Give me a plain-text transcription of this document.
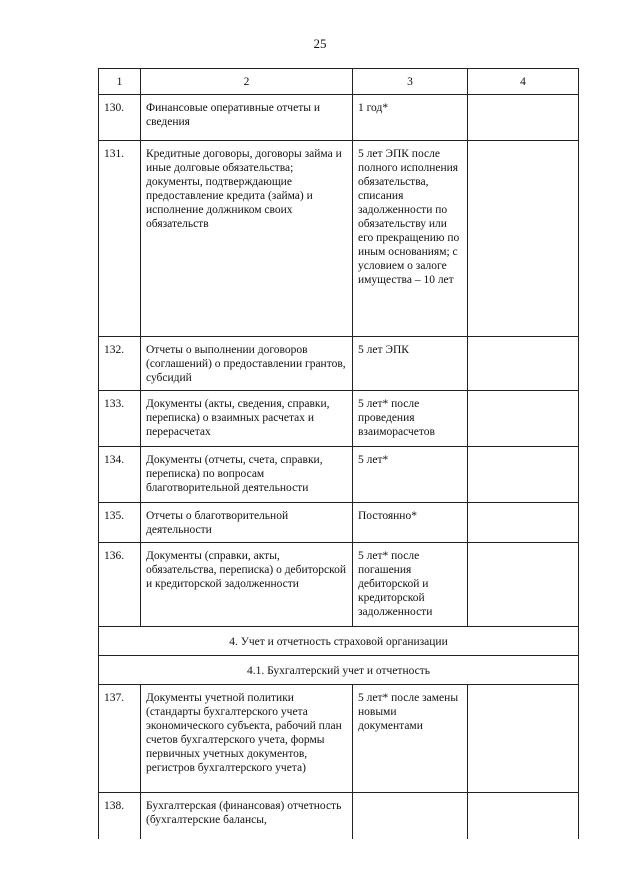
25
1	2	3	4
130.	Финансовые оперативные отчеты и сведения	1 год*	
131.	Кредитные договоры, договоры займа и иные долговые обязательства; документы, подтверждающие предоставление кредита (займа) и исполнение должником своих обязательств	5 лет ЭПК после полного исполнения обязательства, списания задолженности по обязательству или его прекращению по иным основаниям; с условием о залоге имущества – 10 лет	
132.	Отчеты о выполнении договоров (соглашений) о предоставлении грантов, субсидий	5 лет ЭПК	
133.	Документы (акты, сведения, справки, переписка) о взаимных расчетах и перерасчетах	5 лет* после проведения взаиморасчетов	
134.	Документы (отчеты, счета, справки, переписка) по вопросам благотворительной деятельности	5 лет*	
135.	Отчеты о благотворительной деятельности	Постоянно*	
136.	Документы (справки, акты, обязательства, переписка) о дебиторской и кредиторской задолженности	5 лет* после погашения дебиторской и кредиторской задолженности	
4. Учет и отчетность страховой организации			
4.1. Бухгалтерский учет и отчетность			
137.	Документы учетной политики (стандарты бухгалтерского учета экономического субъекта, рабочий план счетов бухгалтерского учета, формы первичных учетных документов, регистров бухгалтерского учета)	5 лет* после замены новыми документами	
138.	Бухгалтерская (финансовая) отчетность (бухгалтерские балансы,		
